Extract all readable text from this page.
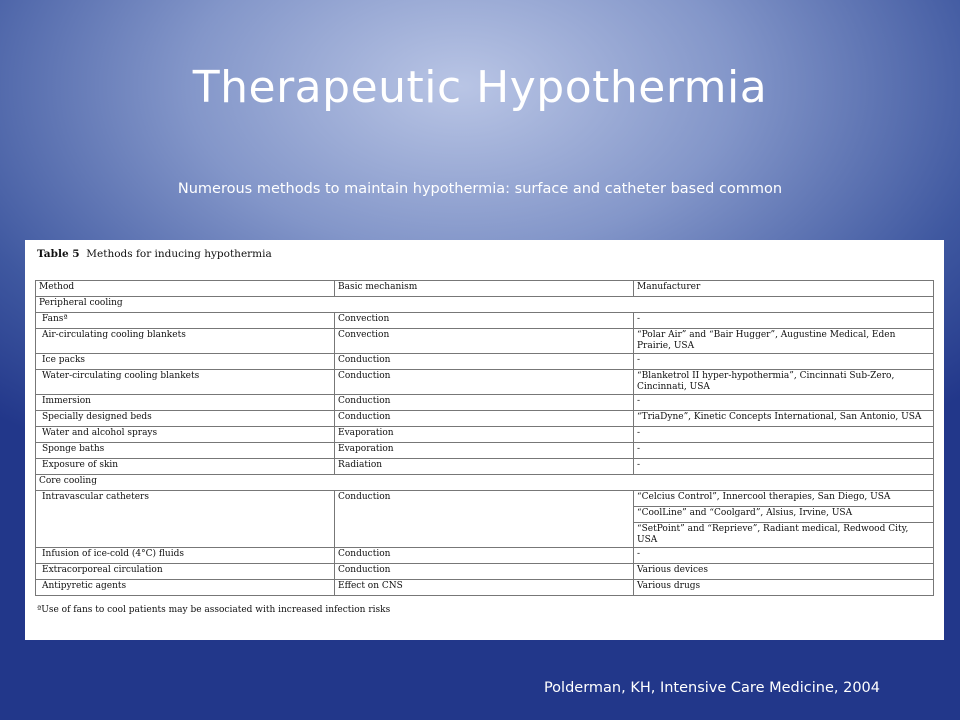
Therapeutic Hypothermia
Numerous methods to maintain hypothermia: surface and catheter based common
Table 5 Methods for inducing hypothermia
Method	Basic mechanism	Manufacturer
Peripheral cooling		
Fansª	Convection	-
Air-circulating cooling blankets	Convection	“Polar Air” and “Bair Hugger”, Augustine Medical, Eden Prairie, USA
Ice packs	Conduction	-
Water-circulating cooling blankets	Conduction	“Blanketrol II hyper-hypothermia”, Cincinnati Sub-Zero, Cincinnati, USA
Immersion	Conduction	-
Specially designed beds	Conduction	“TriaDyne”, Kinetic Concepts International, San Antonio, USA
Water and alcohol sprays	Evaporation	-
Sponge baths	Evaporation	-
Exposure of skin	Radiation	-
Core cooling		
Intravascular catheters	Conduction	“Celcius Control”, Innercool therapies, San Diego, USA
		“CoolLine” and “Coolgard”, Alsius, Irvine, USA
		“SetPoint” and “Reprieve”, Radiant medical, Redwood City, USA
Infusion of ice-cold (4°C) fluids	Conduction	-
Extracorporeal circulation	Conduction	Various devices
Antipyretic agents	Effect on CNS	Various drugs
ªUse of fans to cool patients may be associated with increased infection risks
Polderman, KH, Intensive Care Medicine, 2004
